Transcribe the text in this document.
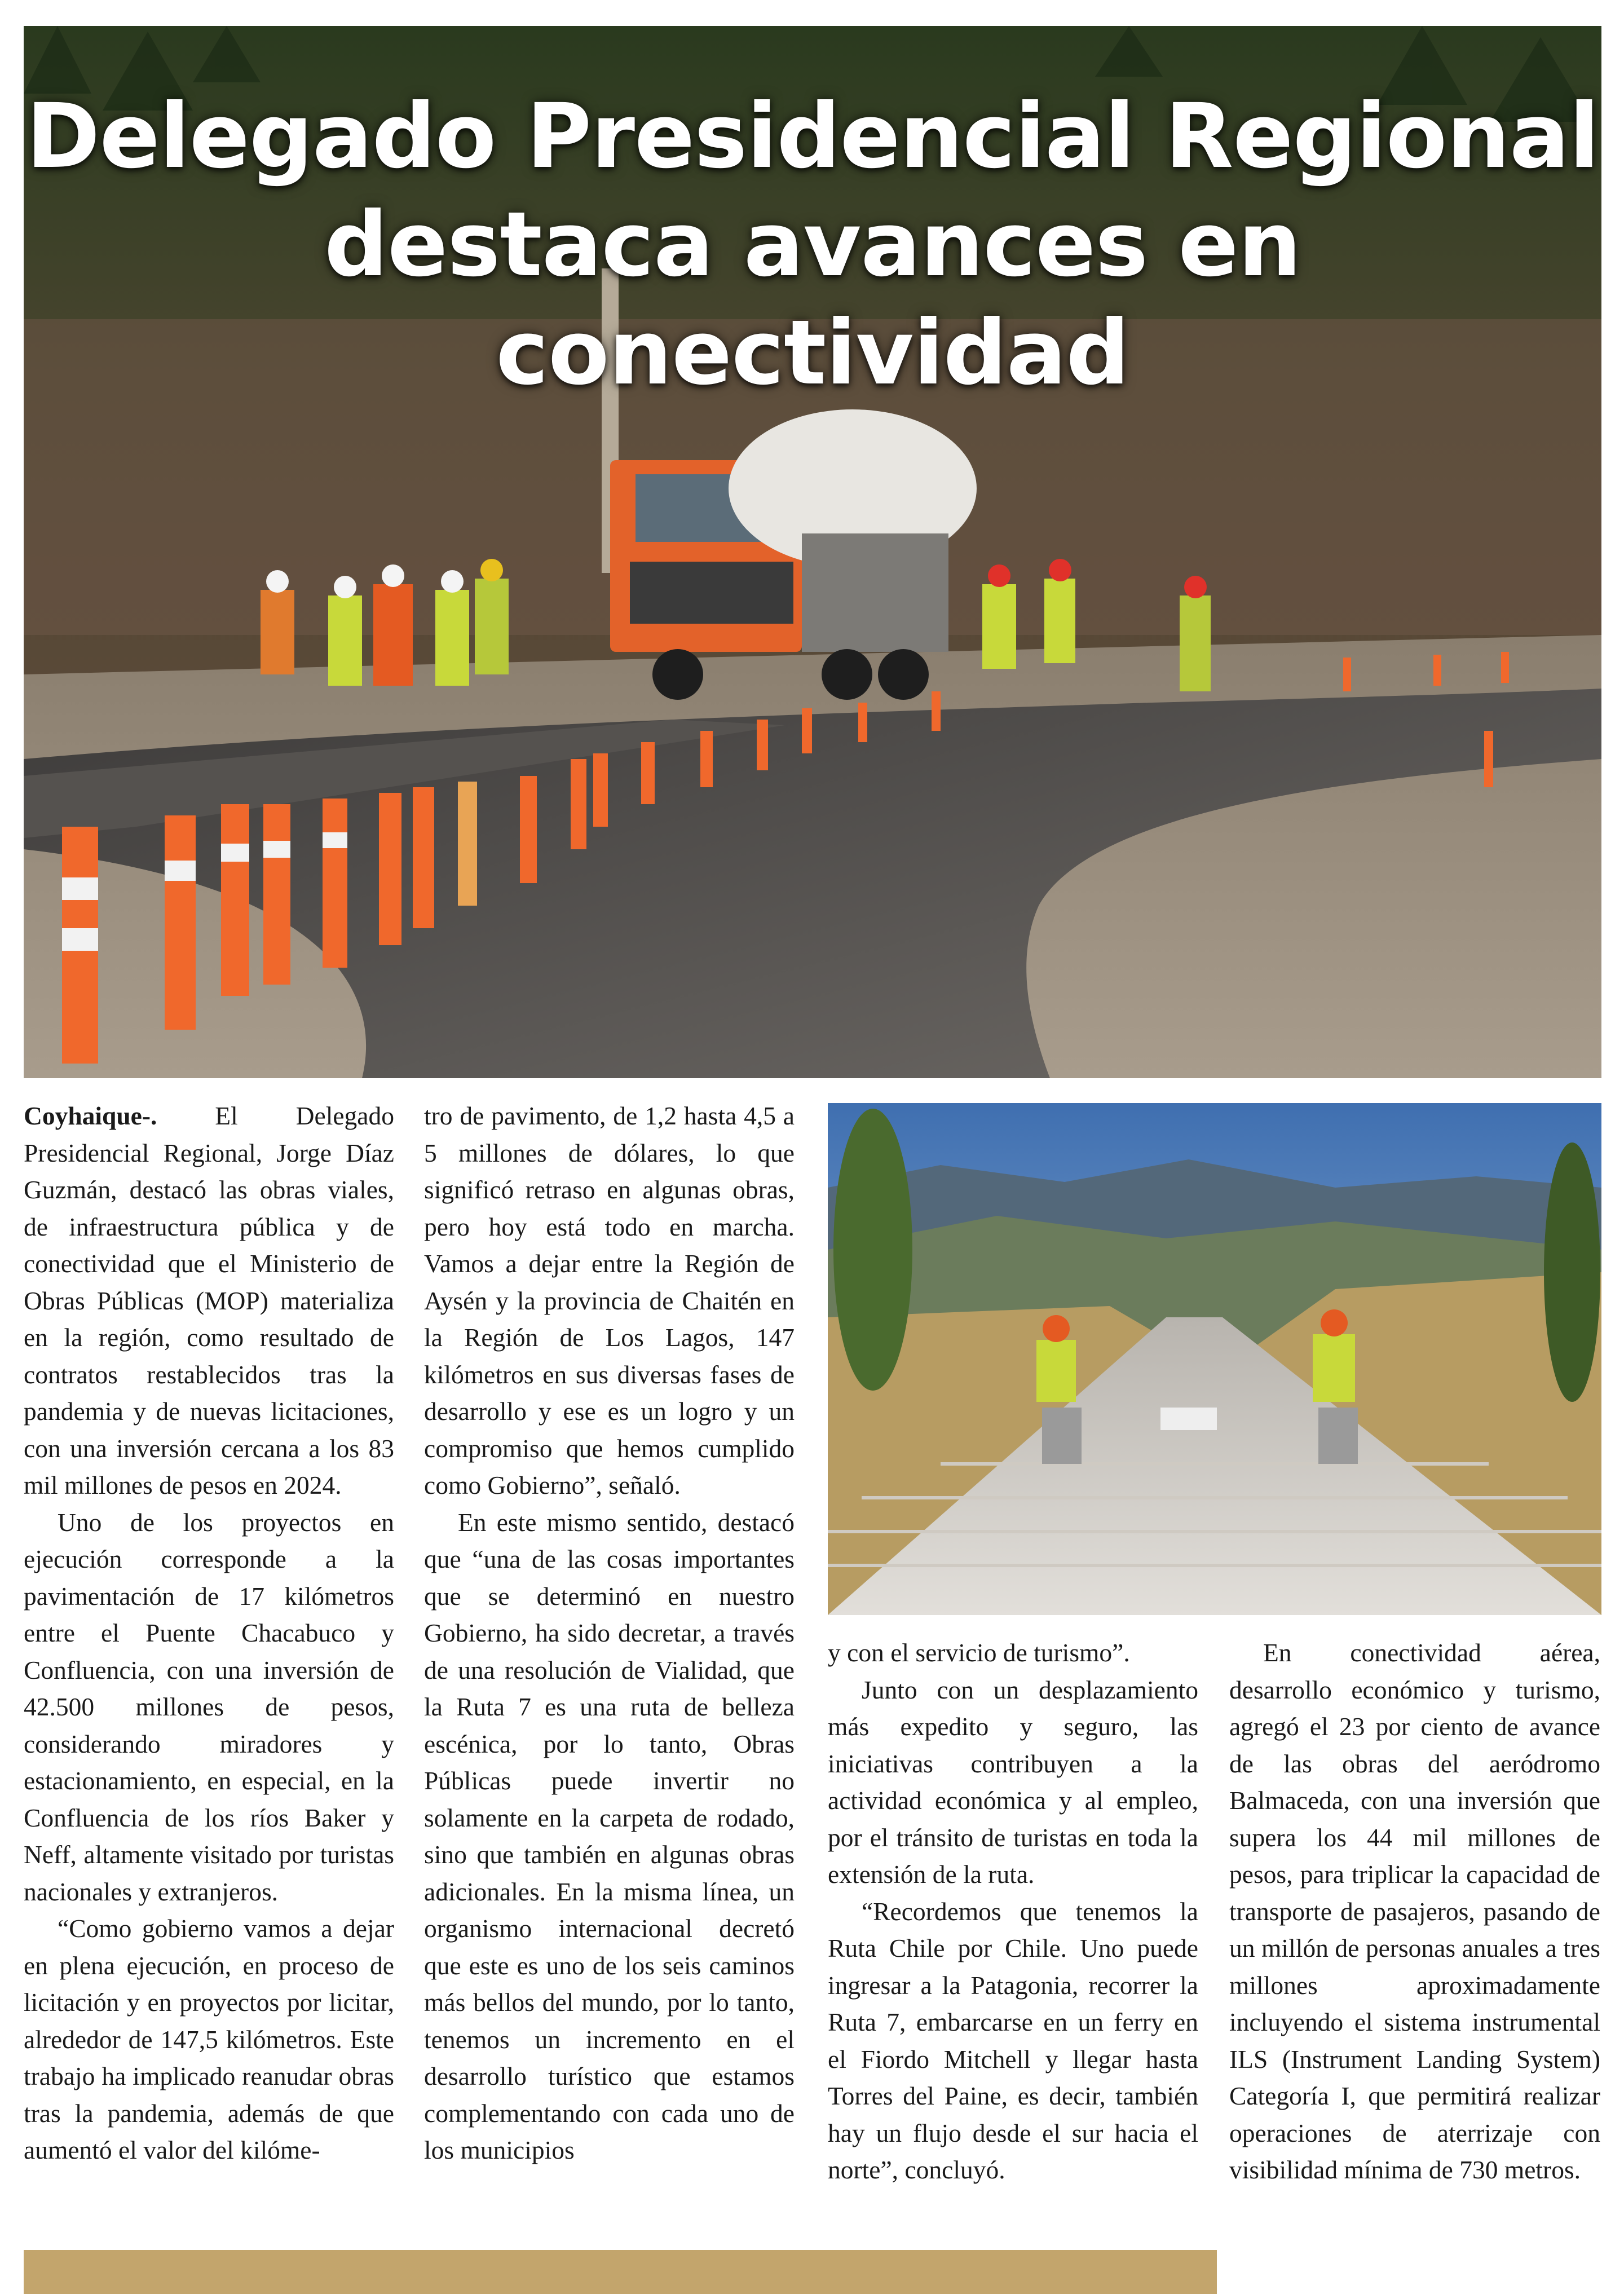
Delegado Presidencial Regional
destaca avances en conectividad

Coyhaique-. El Delegado Presidencial Regional, Jorge Díaz Guzmán, destacó las obras viales, de infraestructura pública y de conectividad que el Ministerio de Obras Públicas (MOP) materializa en la región, como resultado de contratos restablecidos tras la pandemia y de nuevas licitaciones, con una inversión cercana a los 83 mil millones de pesos en 2024.

Uno de los proyectos en ejecución corresponde a la pavimentación de 17 kilómetros entre el Puente Chacabuco y Confluencia, con una inversión de 42.500 millones de pesos, considerando miradores y estacionamiento, en especial, en la Confluencia de los ríos Baker y Neff, altamente visitado por turistas nacionales y extranjeros.

“Como gobierno vamos a dejar en plena ejecución, en proceso de licitación y en proyectos por licitar, alrededor de 147,5 kilómetros. Este trabajo ha implicado reanudar obras tras la pandemia, además de que aumentó el valor del kilóme-

tro de pavimento, de 1,2 hasta 4,5 a 5 millones de dólares, lo que significó retraso en algunas obras, pero hoy está todo en marcha. Vamos a dejar entre la Región de Aysén y la provincia de Chaitén en la Región de Los Lagos, 147 kilómetros en sus diversas fases de desarrollo y ese es un logro y un compromiso que hemos cumplido como Gobierno”, señaló.

En este mismo sentido, destacó que “una de las cosas importantes que se determinó en nuestro Gobierno, ha sido decretar, a través de una resolución de Vialidad, que la Ruta 7 es una ruta de belleza escénica, por lo tanto, Obras Públicas puede invertir no solamente en la carpeta de rodado, sino que también en algunas obras adicionales. En la misma línea, un organismo internacional decretó que este es uno de los seis caminos más bellos del mundo, por lo tanto, tenemos un incremento en el desarrollo turístico que estamos complementando con cada uno de los municipios

y con el servicio de turismo”.

Junto con un desplazamiento más expedito y seguro, las iniciativas contribuyen a la actividad económica y al empleo, por el tránsito de turistas en toda la extensión de la ruta.

“Recordemos que tenemos la Ruta Chile por Chile. Uno puede ingresar a la Patagonia, recorrer la Ruta 7, embarcarse en un ferry en el Fiordo Mitchell y llegar hasta Torres del Paine, es decir, también hay un flujo desde el sur hacia el norte”, concluyó.

En conectividad aérea, desarrollo económico y turismo, agregó el 23 por ciento de avance de las obras del aeródromo Balmaceda, con una inversión que supera los 44 mil millones de pesos, para triplicar la capacidad de transporte de pasajeros, pasando de un millón de personas anuales a tres millones aproximadamente incluyendo el sistema instrumental ILS (Instrument Landing System) Categoría I, que permitirá realizar operaciones de aterrizaje con visibilidad mínima de 730 metros.
